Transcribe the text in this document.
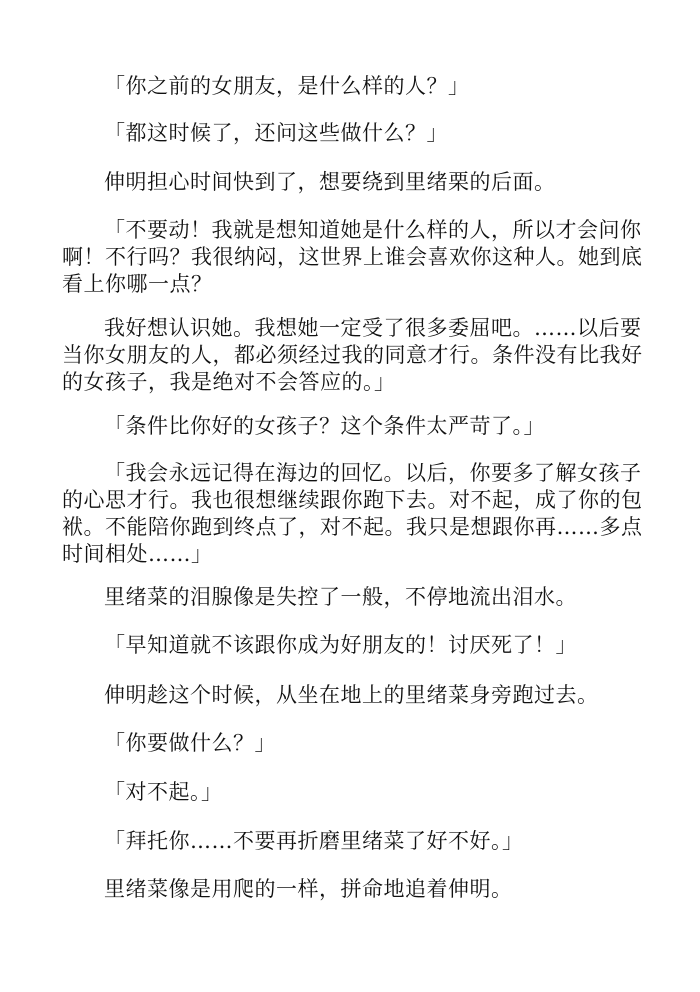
「你之前的女朋友，是什么样的人？」

「都这时候了，还问这些做什么？」

伸明担心时间快到了，想要绕到里绪栗的后面。

「不要动！我就是想知道她是什么样的人，所以才会问你
啊！不行吗？我很纳闷，这世界上谁会喜欢你这种人。她到底
看上你哪一点？

我好想认识她。我想她一定受了很多委屈吧。……以后要
当你女朋友的人，都必须经过我的同意才行。条件没有比我好
的女孩子，我是绝对不会答应的。」

「条件比你好的女孩子？这个条件太严苛了。」

「我会永远记得在海边的回忆。以后，你要多了解女孩子
的心思才行。我也很想继续跟你跑下去。对不起，成了你的包
袱。不能陪你跑到终点了，对不起。我只是想跟你再……多点
时间相处……」

里绪菜的泪腺像是失控了一般，不停地流出泪水。

「早知道就不该跟你成为好朋友的！讨厌死了！」

伸明趁这个时候，从坐在地上的里绪菜身旁跑过去。

「你要做什么？」

「对不起。」

「拜托你……不要再折磨里绪菜了好不好。」

里绪菜像是用爬的一样，拼命地追着伸明。
